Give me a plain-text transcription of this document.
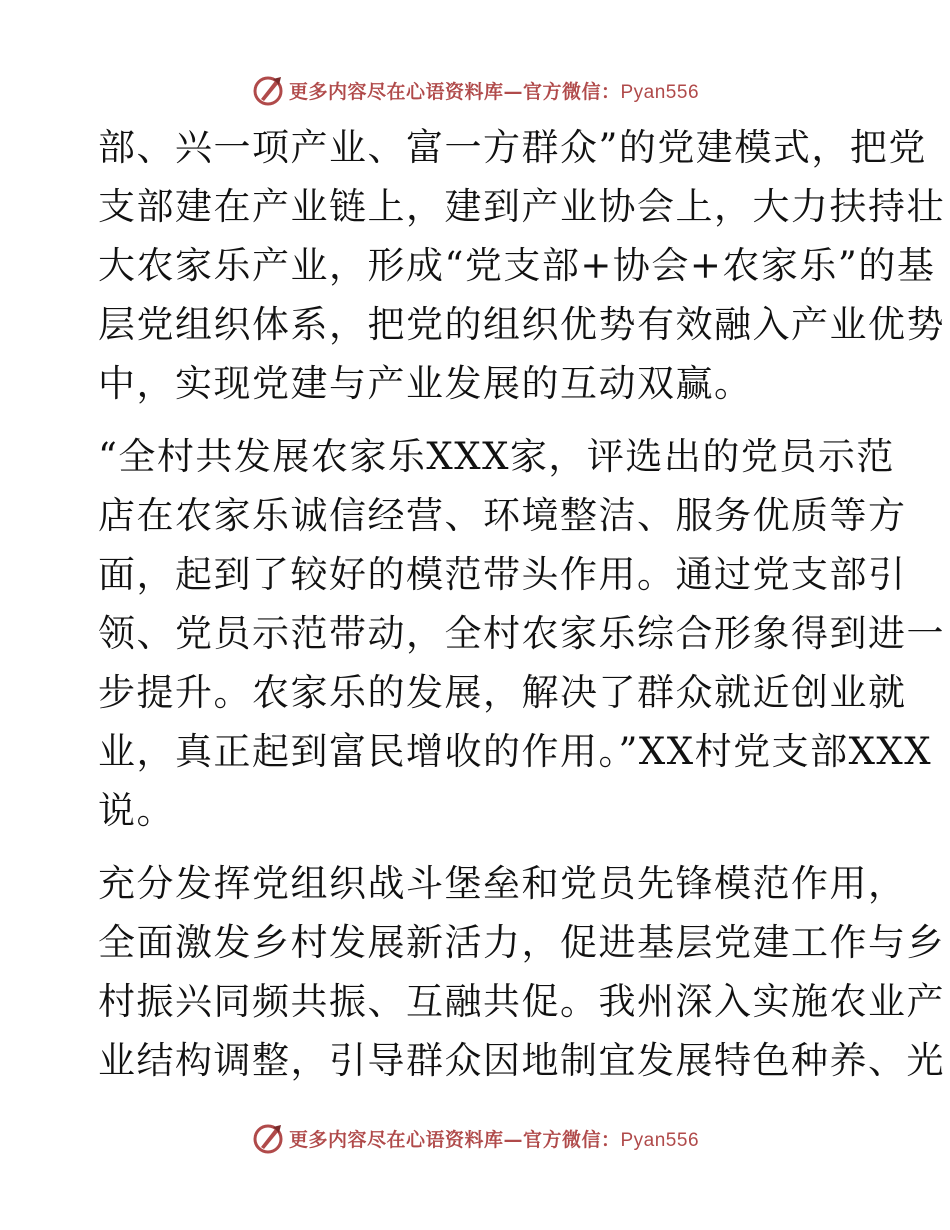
更多内容尽在心语资料库—官方微信：Pyan556

部、兴一项产业、富一方群众”的党建模式，把党
支部建在产业链上，建到产业协会上，大力扶持壮
大农家乐产业，形成“党支部+协会+农家乐”的基
层党组织体系，把党的组织优势有效融入产业优势
中，实现党建与产业发展的互动双赢。

“全村共发展农家乐XXX家，评选出的党员示范
店在农家乐诚信经营、环境整洁、服务优质等方
面，起到了较好的模范带头作用。通过党支部引
领、党员示范带动，全村农家乐综合形象得到进一
步提升。农家乐的发展，解决了群众就近创业就
业，真正起到富民增收的作用。”XX村党支部XXX
说。

充分发挥党组织战斗堡垒和党员先锋模范作用，
全面激发乡村发展新活力，促进基层党建工作与乡
村振兴同频共振、互融共促。我州深入实施农业产
业结构调整，引导群众因地制宜发展特色种养、光

更多内容尽在心语资料库—官方微信：Pyan556
